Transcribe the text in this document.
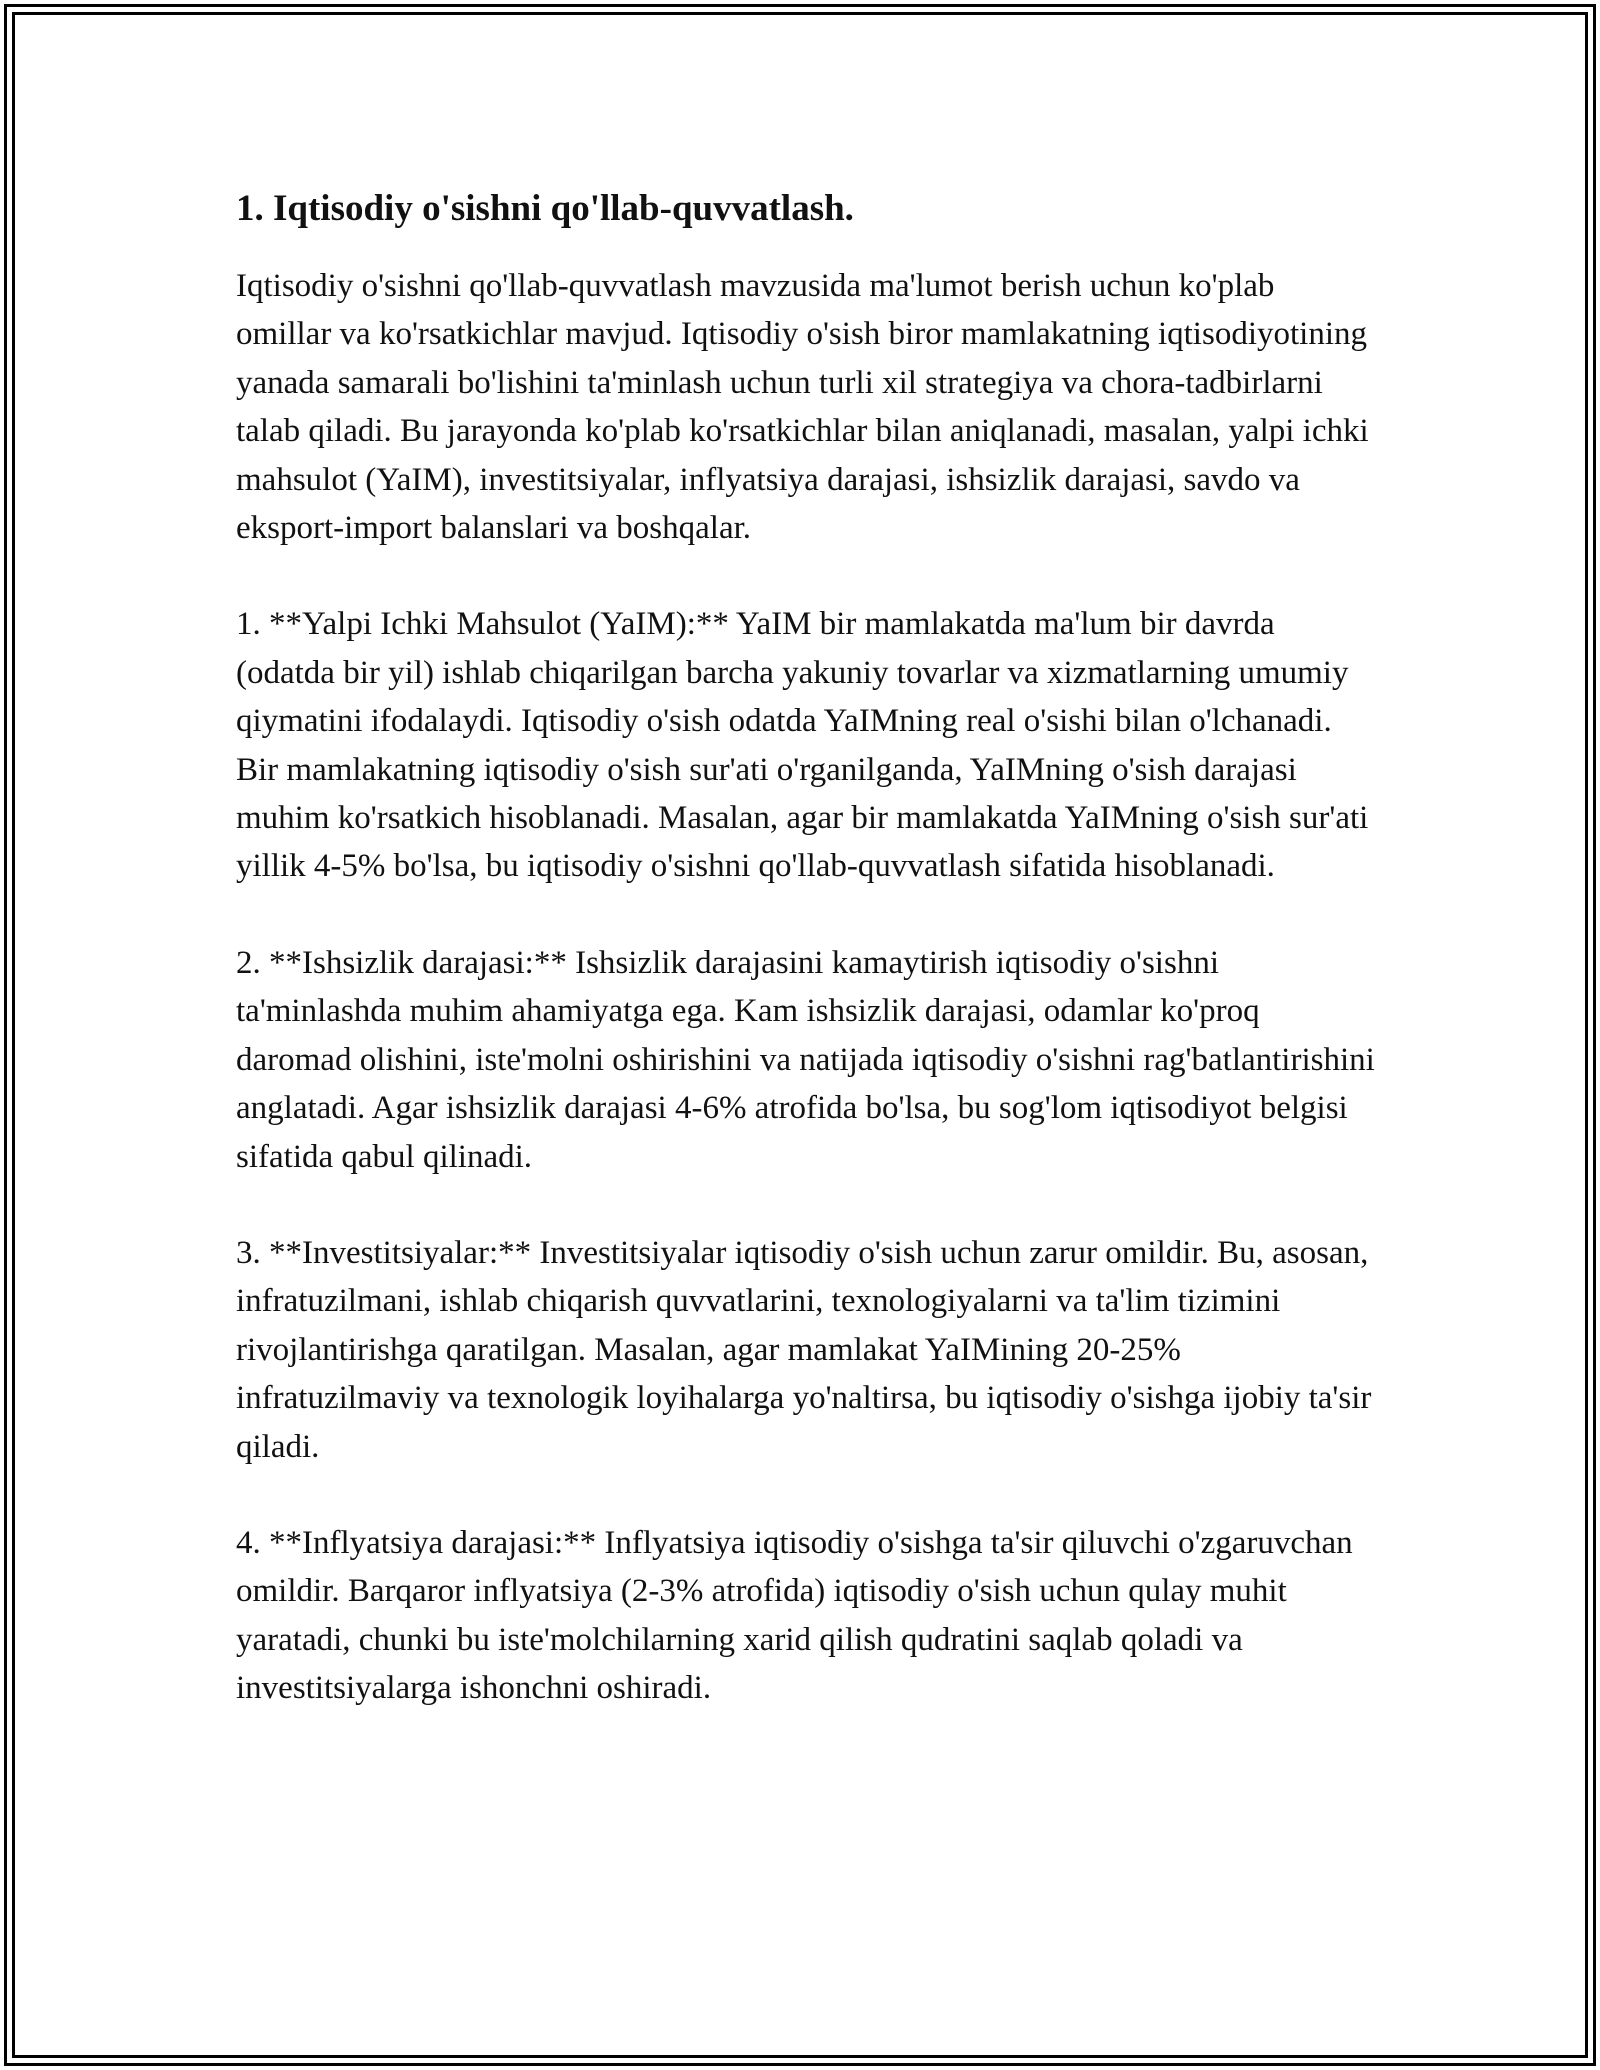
1. Iqtisodiy o'sishni qo'llab-quvvatlash.

Iqtisodiy o'sishni qo'llab-quvvatlash mavzusida ma'lumot berish uchun ko'plab omillar va ko'rsatkichlar mavjud. Iqtisodiy o'sish biror mamlakatning iqtisodiyotining yanada samarali bo'lishini ta'minlash uchun turli xil strategiya va chora-tadbirlarni talab qiladi. Bu jarayonda ko'plab ko'rsatkichlar bilan aniqlanadi, masalan, yalpi ichki mahsulot (YaIM), investitsiyalar, inflyatsiya darajasi, ishsizlik darajasi, savdo va eksport-import balanslari va boshqalar.

1. **Yalpi Ichki Mahsulot (YaIM):** YaIM bir mamlakatda ma'lum bir davrda (odatda bir yil) ishlab chiqarilgan barcha yakuniy tovarlar va xizmatlarning umumiy qiymatini ifodalaydi. Iqtisodiy o'sish odatda YaIMning real o'sishi bilan o'lchanadi. Bir mamlakatning iqtisodiy o'sish sur'ati o'rganilganda, YaIMning o'sish darajasi muhim ko'rsatkich hisoblanadi. Masalan, agar bir mamlakatda YaIMning o'sish sur'ati yillik 4-5% bo'lsa, bu iqtisodiy o'sishni qo'llab-quvvatlash sifatida hisoblanadi.

2. **Ishsizlik darajasi:** Ishsizlik darajasini kamaytirish iqtisodiy o'sishni ta'minlashda muhim ahamiyatga ega. Kam ishsizlik darajasi, odamlar ko'proq daromad olishini, iste'molni oshirishini va natijada iqtisodiy o'sishni rag'batlantirishini anglatadi. Agar ishsizlik darajasi 4-6% atrofida bo'lsa, bu sog'lom iqtisodiyot belgisi sifatida qabul qilinadi.

3. **Investitsiyalar:** Investitsiyalar iqtisodiy o'sish uchun zarur omildir. Bu, asosan, infratuzilmani, ishlab chiqarish quvvatlarini, texnologiyalarni va ta'lim tizimini rivojlantirishga qaratilgan. Masalan, agar mamlakat YaIMining 20-25% infratuzilmaviy va texnologik loyihalarga yo'naltirsa, bu iqtisodiy o'sishga ijobiy ta'sir qiladi.

4. **Inflyatsiya darajasi:** Inflyatsiya iqtisodiy o'sishga ta'sir qiluvchi o'zgaruvchan omildir. Barqaror inflyatsiya (2-3% atrofida) iqtisodiy o'sish uchun qulay muhit yaratadi, chunki bu iste'molchilarning xarid qilish qudratini saqlab qoladi va investitsiyalarga ishonchni oshiradi.
